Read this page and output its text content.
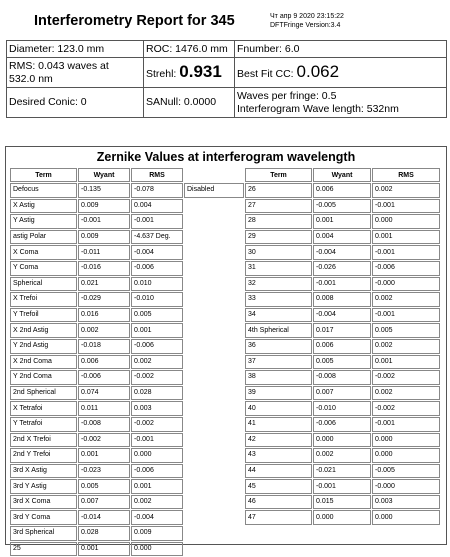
Interferometry Report for 345	Чт апр 9 2020 23:15:22
DFTFringe Version:3.4
Diameter: 123.0 mm	ROC: 1476.0 mm	Fnumber: 6.0

RMS: 0.043 waves at
532.0 nm	Strehl: 0.931	Best Fit CC: 0.062
Desired Conic: 0	SANull: 0.0000	Waves per fringe: 0.5
Interferogram Wave length: 532nm
Zernike Values at interferogram wavelength
Term	Wyant	RMS		Term	Wyant	RMS
Defocus	-0.135	-0.078	Disabled	26	0.006	0.002
X Astig	0.009	0.004		27	-0.005	-0.001
Y Astig	-0.001	-0.001		28	0.001	0.000
astig Polar	0.009	-4.637 Deg.		29	0.004	0.001
X Coma	-0.011	-0.004		30	-0.004	-0.001
Y Coma	-0.016	-0.006		31	-0.026	-0.006
Spherical	0.021	0.010		32	-0.001	-0.000
X Trefoi	-0.029	-0.010		33	0.008	0.002
Y Trefoil	0.016	0.005		34	-0.004	-0.001
X 2nd Astig	0.002	0.001		4th Spherical	0.017	0.005
Y 2nd Astig	-0.018	-0.006		36	0.006	0.002
X 2nd Coma	0.006	0.002		37	0.005	0.001
Y 2nd Coma	-0.006	-0.002		38	-0.008	-0.002
2nd Spherical	0.074	0.028		39	0.007	0.002
X Tetrafoi	0.011	0.003		40	-0.010	-0.002
Y Tetrafoi	-0.008	-0.002		41	-0.006	-0.001
2nd X Trefoi	-0.002	-0.001		42	0.000	0.000
2nd Y Trefoi	0.001	0.000		43	0.002	0.000
3rd X Astig	-0.023	-0.006		44	-0.021	-0.005
3rd Y Astig	0.005	0.001		45	-0.001	-0.000
3rd X Coma	0.007	0.002		46	0.015	0.003
3rd Y Coma	-0.014	-0.004		47	0.000	0.000
3rd Spherical	0.028	0.009				
25	0.001	0.000				
